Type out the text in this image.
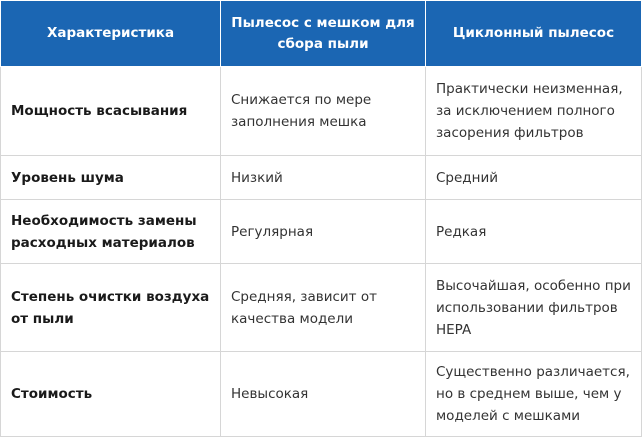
Характеристика	Пылесос с мешком для сбора пыли	Циклонный пылесос
Мощность всасывания	Снижается по мере заполнения мешка	Практически неизменная, за исключением полного засорения фильтров
Уровень шума	Низкий	Средний
Необходимость замены расходных материалов	Регулярная	Редкая
Степень очистки воздуха от пыли	Средняя, зависит от качества модели	Высочайшая, особенно при использовании фильтров HEPA
Стоимость	Невысокая	Существенно различается, но в среднем выше, чем у моделей с мешками
